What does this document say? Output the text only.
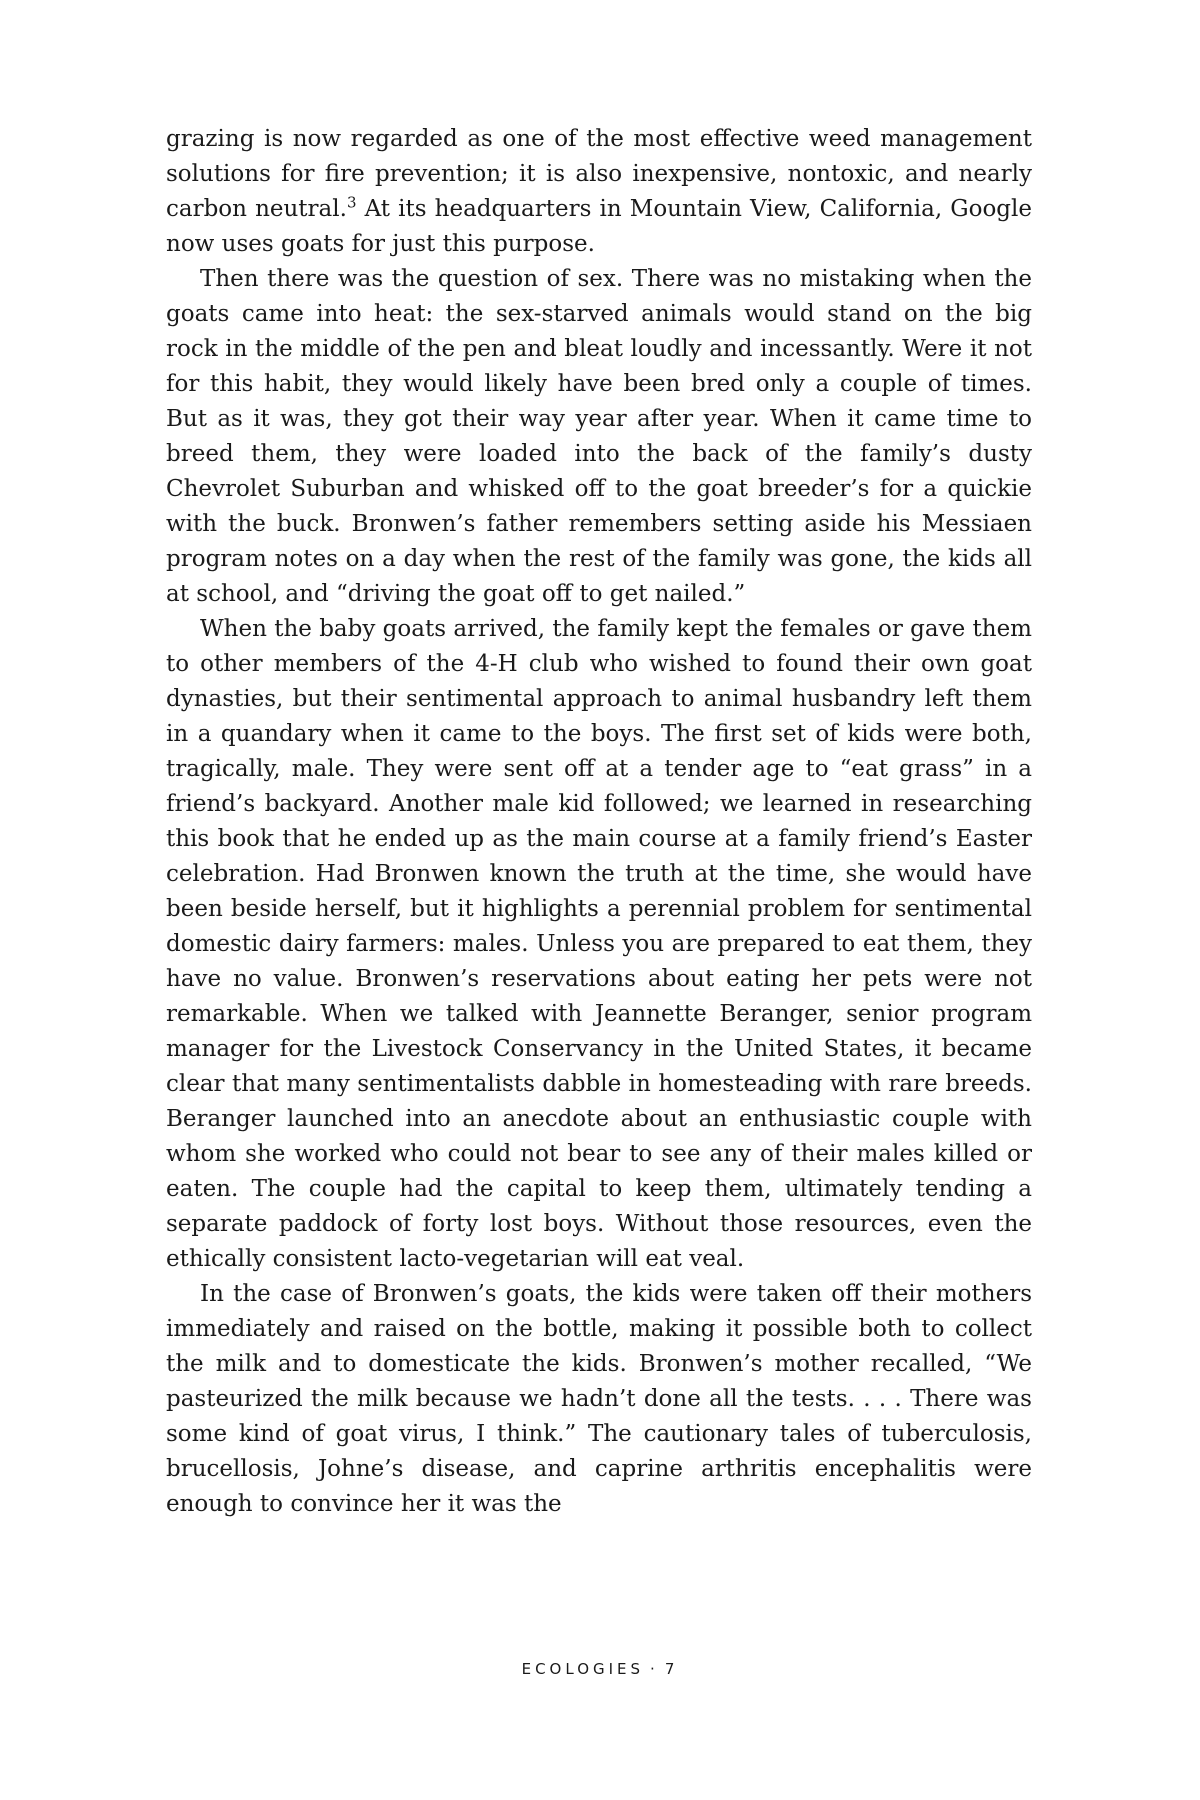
grazing is now regarded as one of the most effective weed management solutions for fire prevention; it is also inexpensive, nontoxic, and nearly carbon neutral.$^3$ At its headquarters in Mountain View, California, Google now uses goats for just this purpose.

Then there was the question of sex. There was no mistaking when the goats came into heat: the sex-starved animals would stand on the big rock in the middle of the pen and bleat loudly and incessantly. Were it not for this habit, they would likely have been bred only a couple of times. But as it was, they got their way year after year. When it came time to breed them, they were loaded into the back of the family’s dusty Chevrolet Suburban and whisked off to the goat breeder’s for a quickie with the buck. Bronwen’s father remembers setting aside his Messiaen program notes on a day when the rest of the family was gone, the kids all at school, and “driving the goat off to get nailed.”

When the baby goats arrived, the family kept the females or gave them to other members of the 4-H club who wished to found their own goat dynasties, but their sentimental approach to animal husbandry left them in a quandary when it came to the boys. The first set of kids were both, tragically, male. They were sent off at a tender age to “eat grass” in a friend’s backyard. Another male kid followed; we learned in researching this book that he ended up as the main course at a family friend’s Easter celebration. Had Bronwen known the truth at the time, she would have been beside herself, but it highlights a perennial problem for sentimental domestic dairy farmers: males. Unless you are prepared to eat them, they have no value. Bronwen’s reservations about eating her pets were not remarkable. When we talked with Jeannette Beranger, senior program manager for the Livestock Conservancy in the United States, it became clear that many sentimentalists dabble in homesteading with rare breeds. Beranger launched into an anecdote about an enthusiastic couple with whom she worked who could not bear to see any of their males killed or eaten. The couple had the capital to keep them, ultimately tending a separate paddock of forty lost boys. Without those resources, even the ethically consistent lacto-vegetarian will eat veal.

In the case of Bronwen’s goats, the kids were taken off their mothers immediately and raised on the bottle, making it possible both to collect the milk and to domesticate the kids. Bronwen’s mother recalled, “We pasteurized the milk because we hadn’t done all the tests. . . . There was some kind of goat virus, I think.” The cautionary tales of tuberculosis, brucellosis, Johne’s disease, and caprine arthritis encephalitis were enough to convince her it was the

ECOLOGIES · 7
